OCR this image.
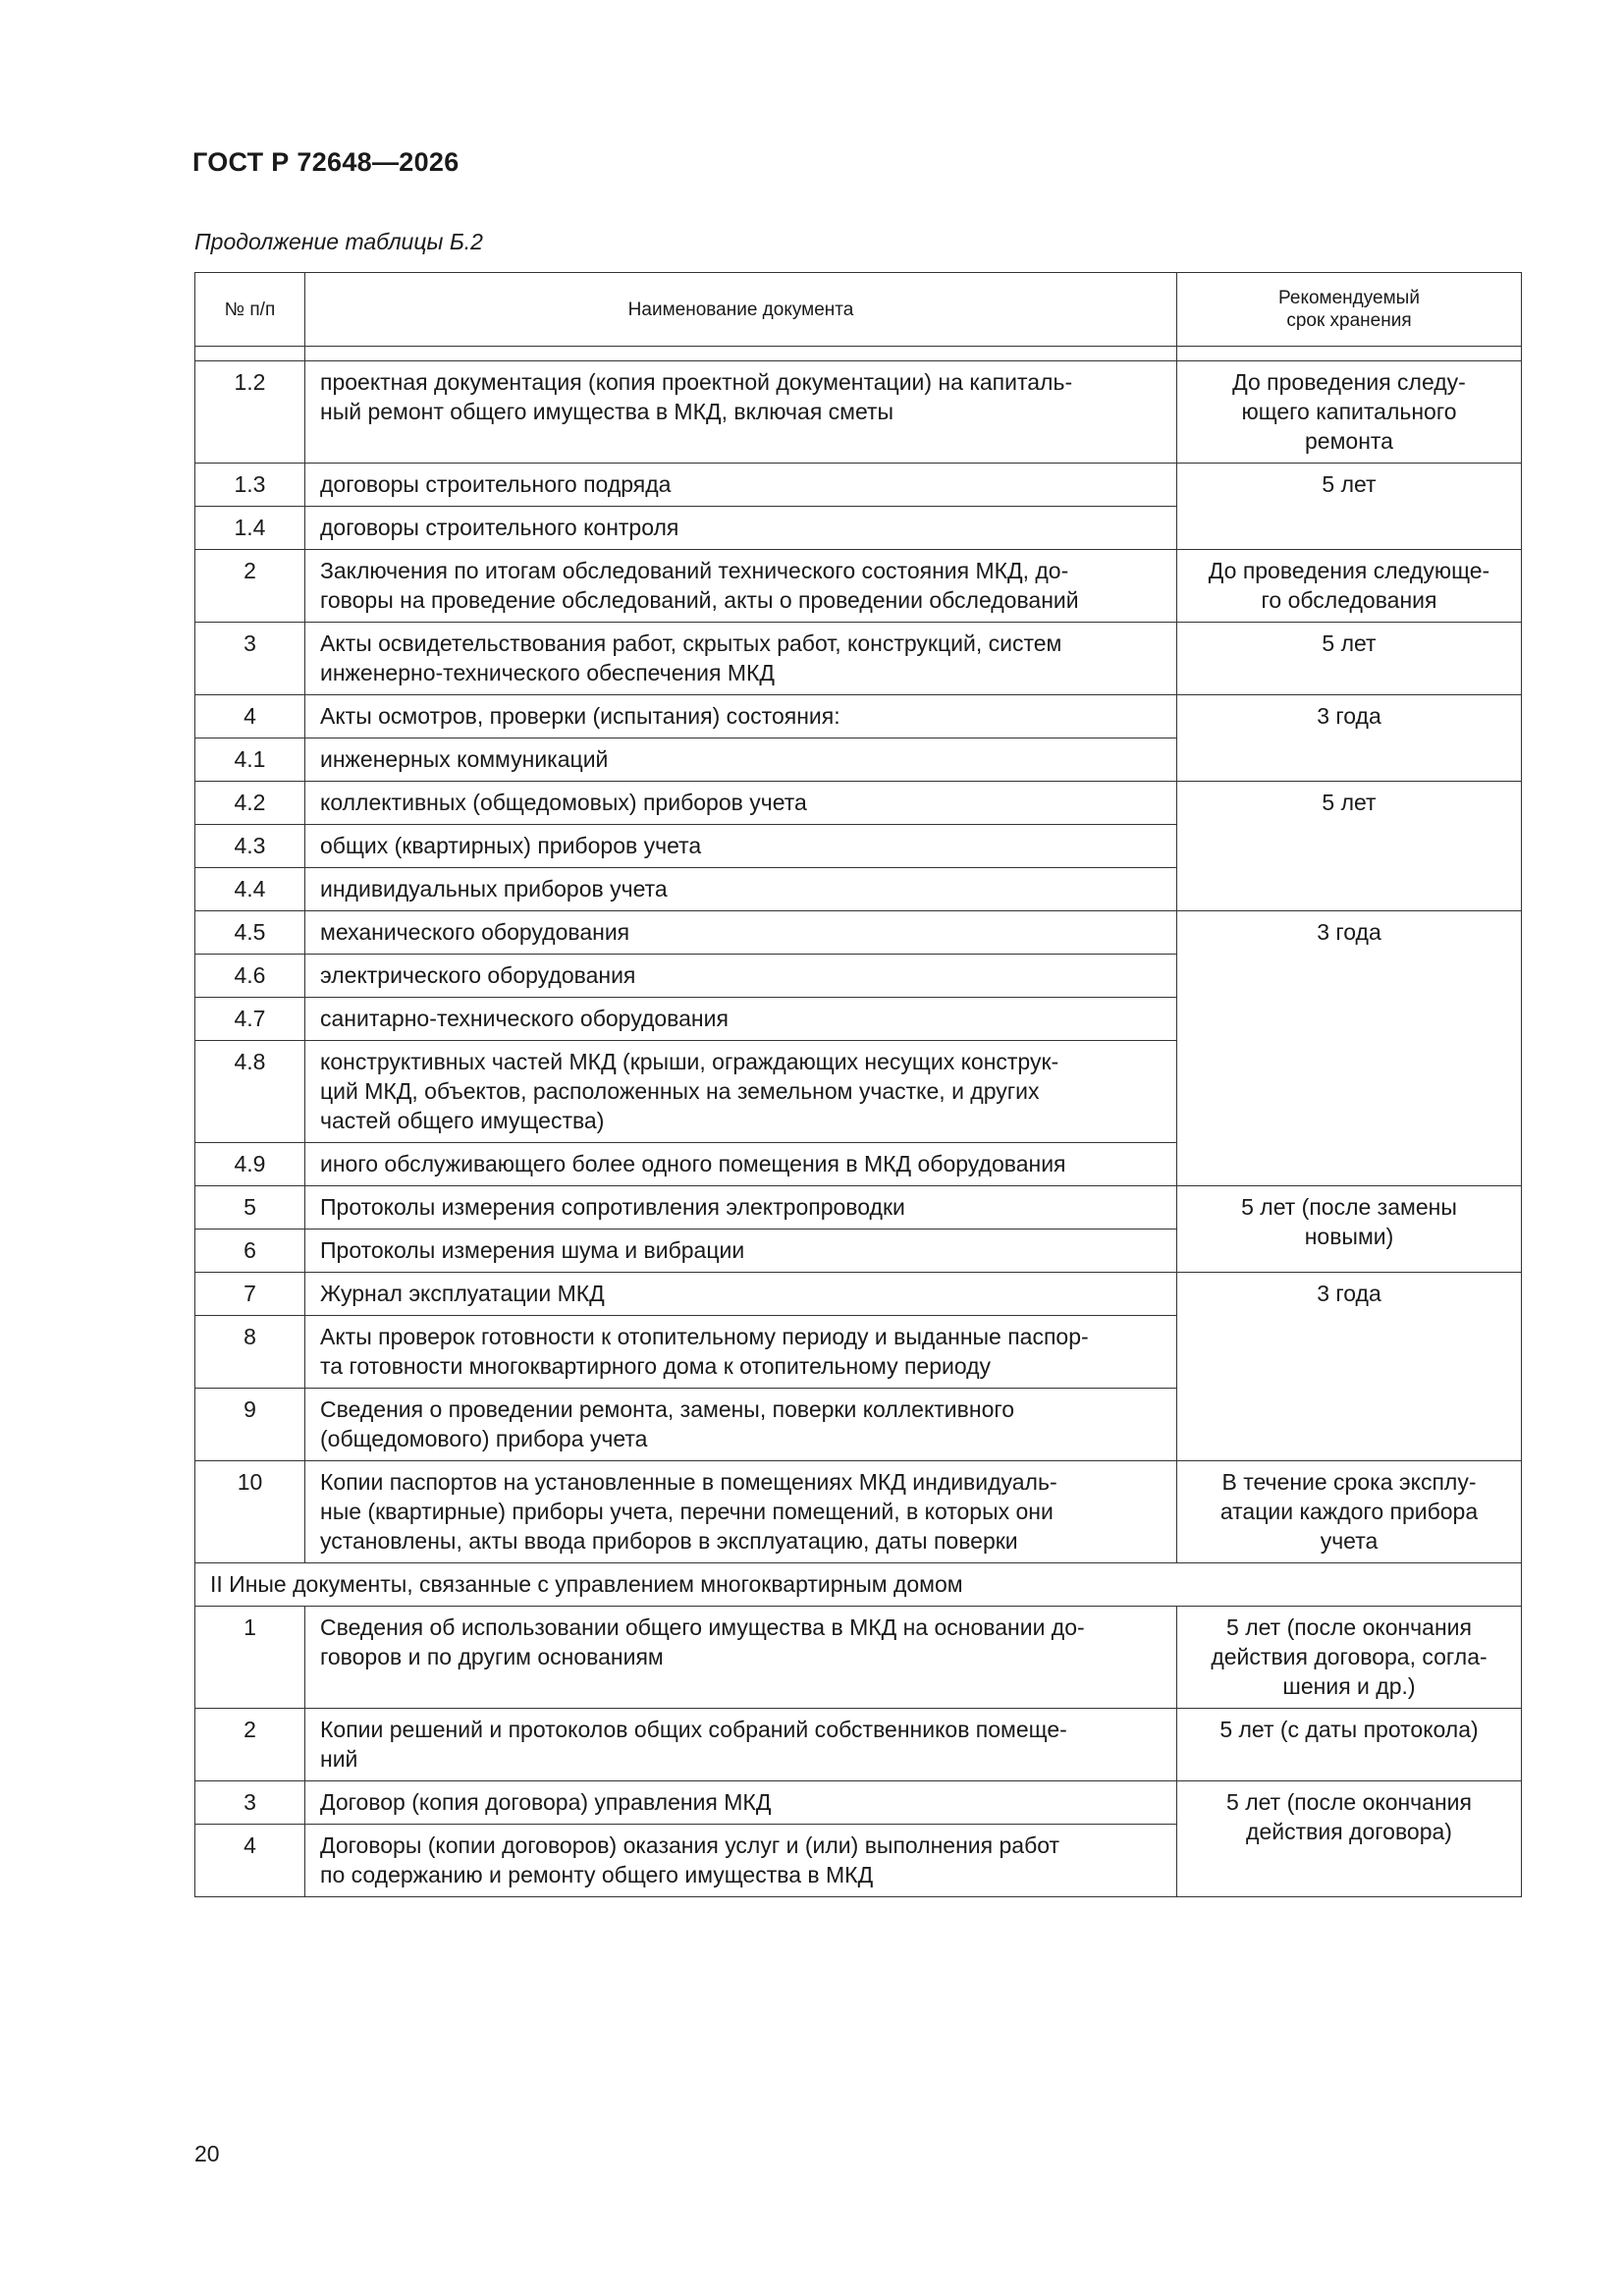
ГОСТ Р 72648—2026
Продолжение таблицы Б.2
№ п/п	Наименование документа	Рекомендуемый
срок хранения

1.2	проектная документация (копия проектной документации) на капиталь-
ный ремонт общего имущества в МКД, включая сметы	До проведения следу-
ющего капитального
ремонта
1.3	договоры строительного подряда	5 лет
1.4	договоры строительного контроля	
2	Заключения по итогам обследований технического состояния МКД, до-
говоры на проведение обследований, акты о проведении обследований	До проведения следующе-
го обследования
3	Акты освидетельствования работ, скрытых работ, конструкций, систем
инженерно-технического обеспечения МКД	5 лет
4	Акты осмотров, проверки (испытания) состояния:	3 года
4.1	инженерных коммуникаций	
4.2	коллективных (общедомовых) приборов учета	5 лет
4.3	общих (квартирных) приборов учета	
4.4	индивидуальных приборов учета	
4.5	механического оборудования	3 года
4.6	электрического оборудования	
4.7	санитарно-технического оборудования	
4.8	конструктивных частей МКД (крыши, ограждающих несущих конструк-
ций МКД, объектов, расположенных на земельном участке, и других
частей общего имущества)	
4.9	иного обслуживающего более одного помещения в МКД оборудования	
5	Протоколы измерения сопротивления электропроводки	5 лет (после замены
новыми)
6	Протоколы измерения шума и вибрации	
7	Журнал эксплуатации МКД	3 года
8	Акты проверок готовности к отопительному периоду и выданные паспор-
та готовности многоквартирного дома к отопительному периоду	
9	Сведения о проведении ремонта, замены, поверки коллективного
(общедомового) прибора учета	
10	Копии паспортов на установленные в помещениях МКД индивидуаль-
ные (квартирные) приборы учета, перечни помещений, в которых они
установлены, акты ввода приборов в эксплуатацию, даты поверки	В течение срока эксплу-
атации каждого прибора
учета
II Иные документы, связанные с управлением многоквартирным домом		
1	Сведения об использовании общего имущества в МКД на основании до-
говоров и по другим основаниям	5 лет (после окончания
действия договора, согла-
шения и др.)
2	Копии решений и протоколов общих собраний собственников помеще-
ний	5 лет (с даты протокола)
3	Договор (копия договора) управления МКД	5 лет (после окончания
действия договора)
4	Договоры (копии договоров) оказания услуг и (или) выполнения работ
по содержанию и ремонту общего имущества в МКД	
20
